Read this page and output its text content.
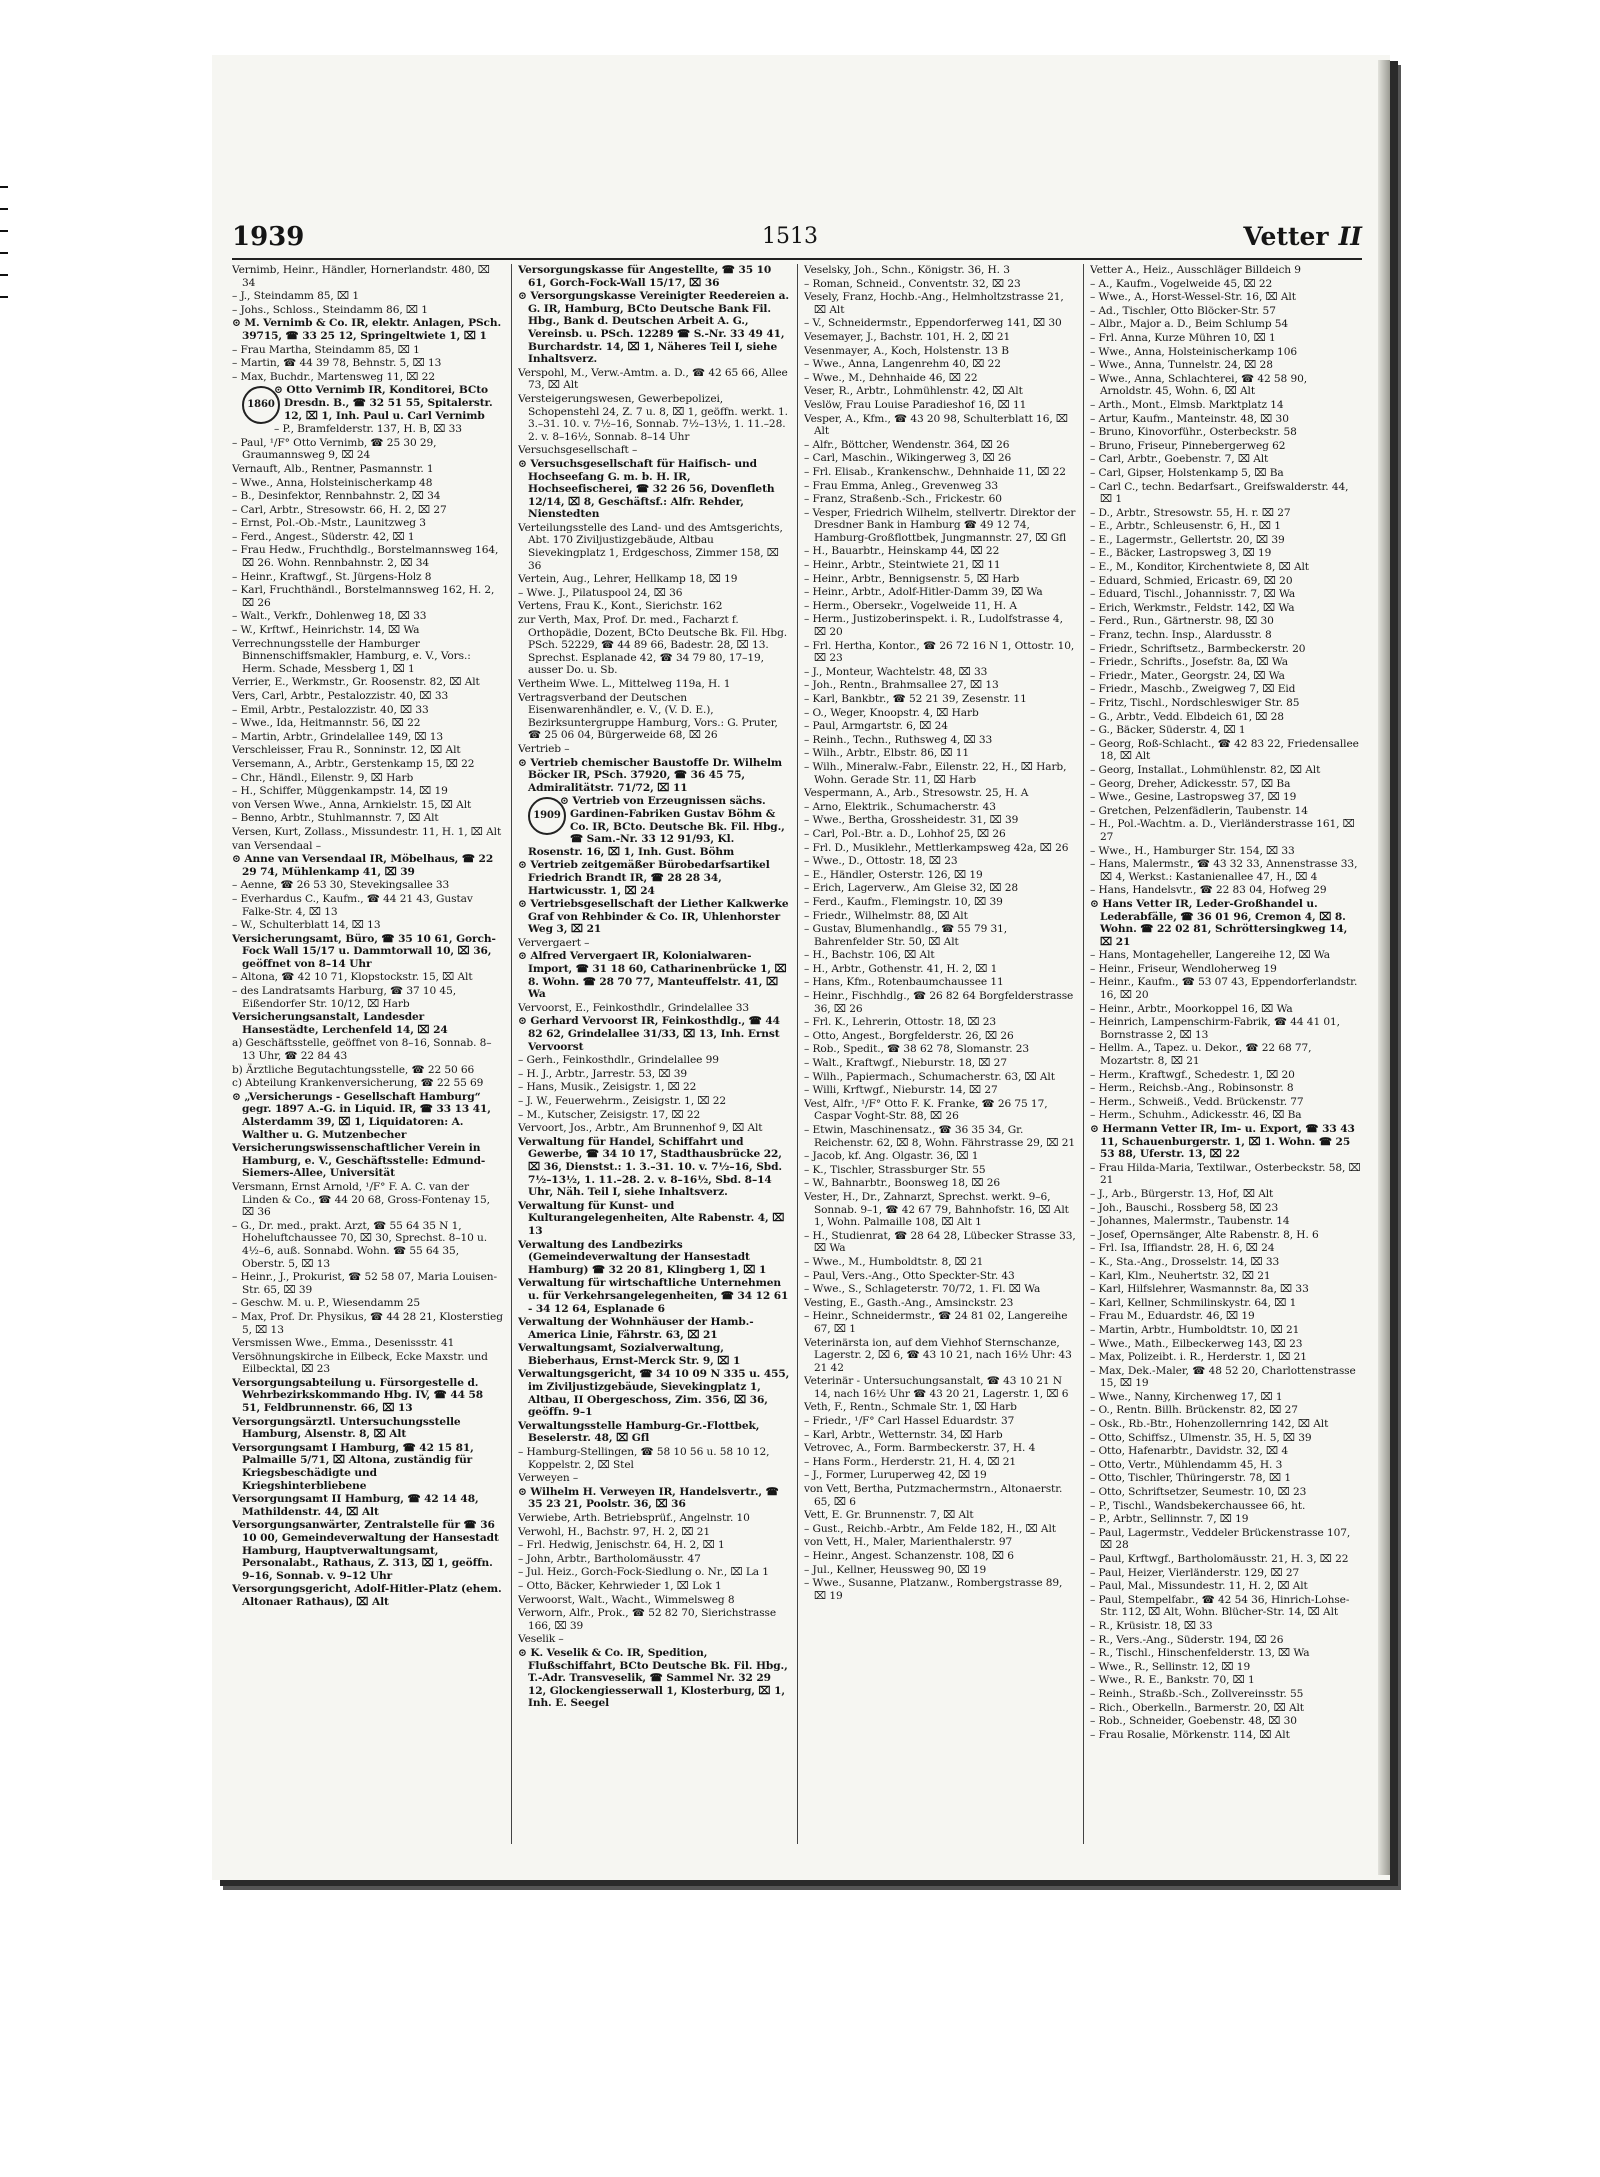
1939	1513	Vetter II
Vernimb, Heinr., Händler, Hornerlandstr. 480, ⌧ 34
– J., Steindamm 85, ⌧ 1
– Johs., Schloss., Steindamm 86, ⌧ 1
⊙ M. Vernimb & Co. IR, elektr. Anlagen, PSch. 39715, ☎ 33 25 12, Springeltwiete 1, ⌧ 1
– Frau Martha, Steindamm 85, ⌧ 1
– Martin, ☎ 44 39 78, Behnstr. 5, ⌧ 13
– Max, Buchdr., Martensweg 11, ⌧ 22
1860
⊙ Otto Vernimb IR, Konditorei, BCto Dresdn. B., ☎ 32 51 55, Spitalerstr. 12, ⌧ 1, Inh. Paul u. Carl Vernimb
– P., Bramfelderstr. 137, H. B, ⌧ 33
– Paul, ¹/F° Otto Vernimb, ☎ 25 30 29, Graumannsweg 9, ⌧ 24
Vernauft, Alb., Rentner, Pasmannstr. 1
– Wwe., Anna, Holsteinischerkamp 48
– B., Desinfektor, Rennbahnstr. 2, ⌧ 34
– Carl, Arbtr., Stresowstr. 66, H. 2, ⌧ 27
– Ernst, Pol.-Ob.-Mstr., Launitzweg 3
– Ferd., Angest., Süderstr. 42, ⌧ 1
– Frau Hedw., Fruchthdlg., Borstelmannsweg 164, ⌧ 26. Wohn. Rennbahnstr. 2, ⌧ 34
– Heinr., Kraftwgf., St. Jürgens-Holz 8
– Karl, Fruchthändl., Borstelmannsweg 162, H. 2, ⌧ 26
– Walt., Verkfr., Dohlenweg 18, ⌧ 33
– W., Krftwf., Heinrichstr. 14, ⌧ Wa
Verrechnungsstelle der Hamburger Binnenschiffsmakler, Hamburg, e. V., Vors.: Herm. Schade, Messberg 1, ⌧ 1
Verrier, E., Werkmstr., Gr. Roosenstr. 82, ⌧ Alt
Vers, Carl, Arbtr., Pestalozzistr. 40, ⌧ 33
– Emil, Arbtr., Pestalozzistr. 40, ⌧ 33
– Wwe., Ida, Heitmannstr. 56, ⌧ 22
– Martin, Arbtr., Grindelallee 149, ⌧ 13
Verschleisser, Frau R., Sonninstr. 12, ⌧ Alt
Versemann, A., Arbtr., Gerstenkamp 15, ⌧ 22
– Chr., Händl., Eilenstr. 9, ⌧ Harb
– H., Schiffer, Müggenkampstr. 14, ⌧ 19
von Versen Wwe., Anna, Arnkielstr. 15, ⌧ Alt
– Benno, Arbtr., Stuhlmannstr. 7, ⌧ Alt
Versen, Kurt, Zollass., Missundestr. 11, H. 1, ⌧ Alt
van Versendaal –
⊙ Anne van Versendaal IR, Möbelhaus, ☎ 22 29 74, Mühlenkamp 41, ⌧ 39
– Aenne, ☎ 26 53 30, Stevekingsallee 33
– Everhardus C., Kaufm., ☎ 44 21 43, Gustav Falke-Str. 4, ⌧ 13
– W., Schulterblatt 14, ⌧ 13
Versicherungsamt, Büro, ☎ 35 10 61, Gorch-Fock Wall 15/17 u. Dammtorwall 10, ⌧ 36, geöffnet von 8–14 Uhr
– Altona, ☎ 42 10 71, Klopstockstr. 15, ⌧ Alt
– des Landratsamts Harburg, ☎ 37 10 45, Eißendorfer Str. 10/12, ⌧ Harb
Versicherungsanstalt, Landesder Hansestädte, Lerchenfeld 14, ⌧ 24
a) Geschäftsstelle, geöffnet von 8–16, Sonnab. 8–13 Uhr, ☎ 22 84 43
b) Ärztliche Begutachtungsstelle, ☎ 22 50 66
c) Abteilung Krankenversicherung, ☎ 22 55 69
⊙ „Versicherungs - Gesellschaft Hamburg“ gegr. 1897 A.-G. in Liquid. IR, ☎ 33 13 41, Alsterdamm 39, ⌧ 1, Liquidatoren: A. Walther u. G. Mutzenbecher
Versicherungswissenschaftlicher Verein in Hamburg, e. V., Geschäftsstelle: Edmund-Siemers-Allee, Universität
Versmann, Ernst Arnold, ¹/F° F. A. C. van der Linden & Co., ☎ 44 20 68, Gross-Fontenay 15, ⌧ 36
– G., Dr. med., prakt. Arzt, ☎ 55 64 35 N 1, Hoheluftchaussee 70, ⌧ 30, Sprechst. 8–10 u. 4½–6, auß. Sonnabd. Wohn. ☎ 55 64 35, Oberstr. 5, ⌧ 13
– Heinr., J., Prokurist, ☎ 52 58 07, Maria Louisen-Str. 65, ⌧ 39
– Geschw. M. u. P., Wiesendamm 25
– Max, Prof. Dr. Physikus, ☎ 44 28 21, Klosterstieg 5, ⌧ 13
Versmissen Wwe., Emma., Desenissstr. 41
Versöhnungskirche in Eilbeck, Ecke Maxstr. und Eilbecktal, ⌧ 23
Versorgungsabteilung u. Fürsorgestelle d. Wehrbezirkskommando Hbg. IV, ☎ 44 58 51, Feldbrunnenstr. 66, ⌧ 13
Versorgungsärztl. Untersuchungsstelle Hamburg, Alsenstr. 8, ⌧ Alt
Versorgungsamt I Hamburg, ☎ 42 15 81, Palmaille 5/71, ⌧ Altona, zuständig für Kriegsbeschädigte und Kriegshinterbliebene
Versorgungsamt II Hamburg, ☎ 42 14 48, Mathildenstr. 44, ⌧ Alt
Versorgungsanwärter, Zentralstelle für ☎ 36 10 00, Gemeindeverwaltung der Hansestadt Hamburg, Hauptverwaltungsamt, Personalabt., Rathaus, Z. 313, ⌧ 1, geöffn. 9–16, Sonnab. v. 9–12 Uhr
Versorgungsgericht, Adolf-Hitler-Platz (ehem. Altonaer Rathaus), ⌧ Alt
Versorgungskasse für Angestellte, ☎ 35 10 61, Gorch-Fock-Wall 15/17, ⌧ 36
⊙ Versorgungskasse Vereinigter Reedereien a. G. IR, Hamburg, BCto Deutsche Bank Fil. Hbg., Bank d. Deutschen Arbeit A. G., Vereinsb. u. PSch. 12289 ☎ S.-Nr. 33 49 41, Burchardstr. 14, ⌧ 1, Näheres Teil I, siehe Inhaltsverz.
Verspohl, M., Verw.-Amtm. a. D., ☎ 42 65 66, Allee 73, ⌧ Alt
Versteigerungswesen, Gewerbepolizei, Schopenstehl 24, Z. 7 u. 8, ⌧ 1, geöffn. werkt. 1. 3.–31. 10. v. 7½–16, Sonnab. 7½–13½, 1. 11.–28. 2. v. 8–16½, Sonnab. 8–14 Uhr
Versuchsgesellschaft –
⊙ Versuchsgesellschaft für Haifisch- und Hochseefang G. m. b. H. IR, Hochseefischerei, ☎ 32 26 56, Dovenfleth 12/14, ⌧ 8, Geschäftsf.: Alfr. Rehder, Nienstedten
Verteilungsstelle des Land- und des Amtsgerichts, Abt. 170 Ziviljustizgebäude, Altbau Sievekingplatz 1, Erdgeschoss, Zimmer 158, ⌧ 36
Vertein, Aug., Lehrer, Hellkamp 18, ⌧ 19
– Wwe. J., Pilatuspool 24, ⌧ 36
Vertens, Frau K., Kont., Sierichstr. 162
zur Verth, Max, Prof. Dr. med., Facharzt f. Orthopädie, Dozent, BCto Deutsche Bk. Fil. Hbg. PSch. 52229, ☎ 44 89 66, Badestr. 28, ⌧ 13. Sprechst. Esplanade 42, ☎ 34 79 80, 17–19, ausser Do. u. Sb.
Vertheim Wwe. L., Mittelweg 119a, H. 1
Vertragsverband der Deutschen Eisenwarenhändler, e. V., (V. D. E.), Bezirksuntergruppe Hamburg, Vors.: G. Pruter, ☎ 25 06 04, Bürgerweide 68, ⌧ 26
Vertrieb –
⊙ Vertrieb chemischer Baustoffe Dr. Wilhelm Böcker IR, PSch. 37920, ☎ 36 45 75, Admiralitätstr. 71/72, ⌧ 11
1909
⊙ Vertrieb von Erzeugnissen sächs. Gardinen-Fabriken Gustav Böhm & Co. IR, BCto. Deutsche Bk. Fil. Hbg., ☎ Sam.-Nr. 33 12 91/93, Kl. Rosenstr. 16, ⌧ 1, Inh. Gust. Böhm
⊙ Vertrieb zeitgemäßer Bürobedarfsartikel Friedrich Brandt IR, ☎ 28 28 34, Hartwicusstr. 1, ⌧ 24
⊙ Vertriebsgesellschaft der Liether Kalkwerke Graf von Rehbinder & Co. IR, Uhlenhorster Weg 3, ⌧ 21
Ververgaert –
⊙ Alfred Ververgaert IR, Kolonialwaren-Import, ☎ 31 18 60, Catharinenbrücke 1, ⌧ 8. Wohn. ☎ 28 70 77, Manteuffelstr. 41, ⌧ Wa
Vervoorst, E., Feinkosthdlr., Grindelallee 33
⊙ Gerhard Vervoorst IR, Feinkosthdlg., ☎ 44 82 62, Grindelallee 31/33, ⌧ 13, Inh. Ernst Vervoorst
– Gerh., Feinkosthdlr., Grindelallee 99
– H. J., Arbtr., Jarrestr. 53, ⌧ 39
– Hans, Musik., Zeisigstr. 1, ⌧ 22
– J. W., Feuerwehrm., Zeisigstr. 1, ⌧ 22
– M., Kutscher, Zeisigstr. 17, ⌧ 22
Vervoort, Jos., Arbtr., Am Brunnenhof 9, ⌧ Alt
Verwaltung für Handel, Schiffahrt und Gewerbe, ☎ 34 10 17, Stadthausbrücke 22, ⌧ 36, Dienstst.: 1. 3.–31. 10. v. 7½–16, Sbd. 7½–13½, 1. 11.–28. 2. v. 8–16½, Sbd. 8–14 Uhr, Näh. Teil I, siehe Inhaltsverz.
Verwaltung für Kunst- und Kulturangelegenheiten, Alte Rabenstr. 4, ⌧ 13
Verwaltung des Landbezirks (Gemeindeverwaltung der Hansestadt Hamburg) ☎ 32 20 81, Klingberg 1, ⌧ 1
Verwaltung für wirtschaftliche Unternehmen u. für Verkehrsangelegenheiten, ☎ 34 12 61 - 34 12 64, Esplanade 6
Verwaltung der Wohnhäuser der Hamb.-America Linie, Fährstr. 63, ⌧ 21
Verwaltungsamt, Sozialverwaltung, Bieberhaus, Ernst-Merck Str. 9, ⌧ 1
Verwaltungsgericht, ☎ 34 10 09 N 335 u. 455, im Ziviljustizgebäude, Sievekingplatz 1, Altbau, II Obergeschoss, Zim. 356, ⌧ 36, geöffn. 9–1
Verwaltungsstelle Hamburg-Gr.-Flottbek, Beselerstr. 48, ⌧ Gfl
– Hamburg-Stellingen, ☎ 58 10 56 u. 58 10 12, Koppelstr. 2, ⌧ Stel
Verweyen –
⊙ Wilhelm H. Verweyen IR, Handelsvertr., ☎ 35 23 21, Poolstr. 36, ⌧ 36
Verwiebe, Arth. Betriebsprüf., Angelnstr. 10
Verwohl, H., Bachstr. 97, H. 2, ⌧ 21
– Frl. Hedwig, Jenischstr. 64, H. 2, ⌧ 1
– John, Arbtr., Bartholomäusstr. 47
– Jul. Heiz., Gorch-Fock-Siedlung o. Nr., ⌧ La 1
– Otto, Bäcker, Kehrwieder 1, ⌧ Lok 1
Verwoorst, Walt., Wacht., Wimmelsweg 8
Verworn, Alfr., Prok., ☎ 52 82 70, Sierichstrasse 166, ⌧ 39
Veselik –
⊙ K. Veselik & Co. IR, Spedition, Flußschiffahrt, BCto Deutsche Bk. Fil. Hbg., T.-Adr. Transveselik, ☎ Sammel Nr. 32 29 12, Glockengiesserwall 1, Klosterburg, ⌧ 1, Inh. E. Seegel
Veselsky, Joh., Schn., Königstr. 36, H. 3
– Roman, Schneid., Conventstr. 32, ⌧ 23
Vesely, Franz, Hochb.-Ang., Helmholtzstrasse 21, ⌧ Alt
– V., Schneidermstr., Eppendorferweg 141, ⌧ 30
Vesemayer, J., Bachstr. 101, H. 2, ⌧ 21
Vesenmayer, A., Koch, Holstenstr. 13 B
– Wwe., Anna, Langenrehm 40, ⌧ 22
– Wwe., M., Dehnhaide 46, ⌧ 22
Veser, R., Arbtr., Lohmühlenstr. 42, ⌧ Alt
Veslöw, Frau Louise Paradieshof 16, ⌧ 11
Vesper, A., Kfm., ☎ 43 20 98, Schulterblatt 16, ⌧ Alt
– Alfr., Böttcher, Wendenstr. 364, ⌧ 26
– Carl, Maschin., Wikingerweg 3, ⌧ 26
– Frl. Elisab., Krankenschw., Dehnhaide 11, ⌧ 22
– Frau Emma, Anleg., Grevenweg 33
– Franz, Straßenb.-Sch., Frickestr. 60
– Vesper, Friedrich Wilhelm, stellvertr. Direktor der Dresdner Bank in Hamburg ☎ 49 12 74, Hamburg-Großflottbek, Jungmannstr. 27, ⌧ Gfl
– H., Bauarbtr., Heinskamp 44, ⌧ 22
– Heinr., Arbtr., Steintwiete 21, ⌧ 11
– Heinr., Arbtr., Bennigsenstr. 5, ⌧ Harb
– Heinr., Arbtr., Adolf-Hitler-Damm 39, ⌧ Wa
– Herm., Obersekr., Vogelweide 11, H. A
– Herm., Justizoberinspekt. i. R., Ludolfstrasse 4, ⌧ 20
– Frl. Hertha, Kontor., ☎ 26 72 16 N 1, Ottostr. 10, ⌧ 23
– J., Monteur, Wachtelstr. 48, ⌧ 33
– Joh., Rentn., Brahmsallee 27, ⌧ 13
– Karl, Bankbtr., ☎ 52 21 39, Zesenstr. 11
– O., Weger, Knoopstr. 4, ⌧ Harb
– Paul, Armgartstr. 6, ⌧ 24
– Reinh., Techn., Ruthsweg 4, ⌧ 33
– Wilh., Arbtr., Elbstr. 86, ⌧ 11
– Wilh., Mineralw.-Fabr., Eilenstr. 22, H., ⌧ Harb, Wohn. Gerade Str. 11, ⌧ Harb
Vespermann, A., Arb., Stresowstr. 25, H. A
– Arno, Elektrik., Schumacherstr. 43
– Wwe., Bertha, Grossheidestr. 31, ⌧ 39
– Carl, Pol.-Btr. a. D., Lohhof 25, ⌧ 26
– Frl. D., Musiklehr., Mettlerkampsweg 42a, ⌧ 26
– Wwe., D., Ottostr. 18, ⌧ 23
– E., Händler, Osterstr. 126, ⌧ 19
– Erich, Lagerverw., Am Gleise 32, ⌧ 28
– Ferd., Kaufm., Flemingstr. 10, ⌧ 39
– Friedr., Wilhelmstr. 88, ⌧ Alt
– Gustav, Blumenhandlg., ☎ 55 79 31, Bahrenfelder Str. 50, ⌧ Alt
– H., Bachstr. 106, ⌧ Alt
– H., Arbtr., Gothenstr. 41, H. 2, ⌧ 1
– Hans, Kfm., Rotenbaumchaussee 11
– Heinr., Fischhdlg., ☎ 26 82 64 Borgfelderstrasse 36, ⌧ 26
– Frl. K., Lehrerin, Ottostr. 18, ⌧ 23
– Otto, Angest., Borgfelderstr. 26, ⌧ 26
– Rob., Spedit., ☎ 38 62 78, Slomanstr. 23
– Walt., Kraftwgf., Nieburstr. 18, ⌧ 27
– Wilh., Papiermach., Schumacherstr. 63, ⌧ Alt
– Willi, Krftwgf., Nieburstr. 14, ⌧ 27
Vest, Alfr., ¹/F° Otto F. K. Franke, ☎ 26 75 17, Caspar Voght-Str. 88, ⌧ 26
– Etwin, Maschinensatz., ☎ 36 35 34, Gr. Reichenstr. 62, ⌧ 8, Wohn. Fährstrasse 29, ⌧ 21
– Jacob, kf. Ang. Olgastr. 36, ⌧ 1
– K., Tischler, Strassburger Str. 55
– W., Bahnarbtr., Boonsweg 18, ⌧ 26
Vester, H., Dr., Zahnarzt, Sprechst. werkt. 9–6, Sonnab. 9–1, ☎ 42 67 79, Bahnhofstr. 16, ⌧ Alt 1, Wohn. Palmaille 108, ⌧ Alt 1
– H., Studienrat, ☎ 28 64 28, Lübecker Strasse 33, ⌧ Wa
– Wwe., M., Humboldtstr. 8, ⌧ 21
– Paul, Vers.-Ang., Otto Speckter-Str. 43
– Wwe., S., Schlageterstr. 70/72, 1. Fl. ⌧ Wa
Vesting, E., Gasth.-Ang., Amsinckstr. 23
– Heinr., Schneidermstr., ☎ 24 81 02, Langereihe 67, ⌧ 1
Veterinärsta ion, auf dem Viehhof Sternschanze, Lagerstr. 2, ⌧ 6, ☎ 43 10 21, nach 16½ Uhr: 43 21 42
Veterinär - Untersuchungsanstalt, ☎ 43 10 21 N 14, nach 16½ Uhr ☎ 43 20 21, Lagerstr. 1, ⌧ 6
Veth, F., Rentn., Schmale Str. 1, ⌧ Harb
– Friedr., ¹/F° Carl Hassel Eduardstr. 37
– Karl, Arbtr., Wetternstr. 34, ⌧ Harb
Vetrovec, A., Form. Barmbeckerstr. 37, H. 4
– Hans Form., Herderstr. 21, H. 4, ⌧ 21
– J., Former, Luruperweg 42, ⌧ 19
von Vett, Bertha, Putzmachermstrn., Altonaerstr. 65, ⌧ 6
Vett, E. Gr. Brunnenstr. 7, ⌧ Alt
– Gust., Reichb.-Arbtr., Am Felde 182, H., ⌧ Alt
von Vett, H., Maler, Marienthalerstr. 97
– Heinr., Angest. Schanzenstr. 108, ⌧ 6
– Jul., Kellner, Heussweg 90, ⌧ 19
– Wwe., Susanne, Platzanw., Rombergstrasse 89, ⌧ 19
Vetter A., Heiz., Ausschläger Billdeich 9
– A., Kaufm., Vogelweide 45, ⌧ 22
– Wwe., A., Horst-Wessel-Str. 16, ⌧ Alt
– Ad., Tischler, Otto Blöcker-Str. 57
– Albr., Major a. D., Beim Schlump 54
– Frl. Anna, Kurze Mühren 10, ⌧ 1
– Wwe., Anna, Holsteinischerkamp 106
– Wwe., Anna, Tunnelstr. 24, ⌧ 28
– Wwe., Anna, Schlachterei, ☎ 42 58 90, Arnoldstr. 45, Wohn. 6, ⌧ Alt
– Arth., Mont., Elmsb. Marktplatz 14
– Artur, Kaufm., Manteinstr. 48, ⌧ 30
– Bruno, Kinovorführ., Osterbeckstr. 58
– Bruno, Friseur, Pinnebergerweg 62
– Carl, Arbtr., Goebenstr. 7, ⌧ Alt
– Carl, Gipser, Holstenkamp 5, ⌧ Ba
– Carl C., techn. Bedarfsart., Greifswalderstr. 44, ⌧ 1
– D., Arbtr., Stresowstr. 55, H. r. ⌧ 27
– E., Arbtr., Schleusenstr. 6, H., ⌧ 1
– E., Lagermstr., Gellertstr. 20, ⌧ 39
– E., Bäcker, Lastropsweg 3, ⌧ 19
– E., M., Konditor, Kirchentwiete 8, ⌧ Alt
– Eduard, Schmied, Ericastr. 69, ⌧ 20
– Eduard, Tischl., Johannisstr. 7, ⌧ Wa
– Erich, Werkmstr., Feldstr. 142, ⌧ Wa
– Ferd., Run., Gärtnerstr. 98, ⌧ 30
– Franz, techn. Insp., Alardusstr. 8
– Friedr., Schriftsetz., Barmbeckerstr. 20
– Friedr., Schrifts., Josefstr. 8a, ⌧ Wa
– Friedr., Mater., Georgstr. 24, ⌧ Wa
– Friedr., Maschb., Zweigweg 7, ⌧ Eid
– Fritz, Tischl., Nordschleswiger Str. 85
– G., Arbtr., Vedd. Elbdeich 61, ⌧ 28
– G., Bäcker, Süderstr. 4, ⌧ 1
– Georg, Roß-Schlacht., ☎ 42 83 22, Friedensallee 18, ⌧ Alt
– Georg, Installat., Lohmühlenstr. 82, ⌧ Alt
– Georg, Dreher, Adickesstr. 57, ⌧ Ba
– Wwe., Gesine, Lastropsweg 37, ⌧ 19
– Gretchen, Pelzenfädlerin, Taubenstr. 14
– H., Pol.-Wachtm. a. D., Vierländerstrasse 161, ⌧ 27
– Wwe., H., Hamburger Str. 154, ⌧ 33
– Hans, Malermstr., ☎ 43 32 33, Annenstrasse 33, ⌧ 4, Werkst.: Kastanienallee 47, H., ⌧ 4
– Hans, Handelsvtr., ☎ 22 83 04, Hofweg 29
⊙ Hans Vetter IR, Leder-Großhandel u. Lederabfälle, ☎ 36 01 96, Cremon 4, ⌧ 8. Wohn. ☎ 22 02 81, Schröttersingkweg 14, ⌧ 21
– Hans, Montageheller, Langereihe 12, ⌧ Wa
– Heinr., Friseur, Wendloherweg 19
– Heinr., Kaufm., ☎ 53 07 43, Eppendorferlandstr. 16, ⌧ 20
– Heinr., Arbtr., Moorkoppel 16, ⌧ Wa
– Heinrich, Lampenschirm-Fabrik, ☎ 44 41 01, Bornstrasse 2, ⌧ 13
– Hellm. A., Tapez. u. Dekor., ☎ 22 68 77, Mozartstr. 8, ⌧ 21
– Herm., Kraftwgf., Schedestr. 1, ⌧ 20
– Herm., Reichsb.-Ang., Robinsonstr. 8
– Herm., Schweiß., Vedd. Brückenstr. 77
– Herm., Schuhm., Adickesstr. 46, ⌧ Ba
⊙ Hermann Vetter IR, Im- u. Export, ☎ 33 43 11, Schauenburgerstr. 1, ⌧ 1. Wohn. ☎ 25 53 88, Uferstr. 13, ⌧ 22
– Frau Hilda-Maria, Textilwar., Osterbeckstr. 58, ⌧ 21
– J., Arb., Bürgerstr. 13, Hof, ⌧ Alt
– Joh., Bauschi., Rossberg 58, ⌧ 23
– Johannes, Malermstr., Taubenstr. 14
– Josef, Opernsänger, Alte Rabenstr. 8, H. 6
– Frl. Isa, Iffiandstr. 28, H. 6, ⌧ 24
– K., Sta.-Ang., Drosselstr. 14, ⌧ 33
– Karl, Klm., Neuhertstr. 32, ⌧ 21
– Karl, Hilfslehrer, Wasmannstr. 8a, ⌧ 33
– Karl, Kellner, Schmilinskystr. 64, ⌧ 1
– Frau M., Eduardstr. 46, ⌧ 19
– Martin, Arbtr., Humboldtstr. 10, ⌧ 21
– Wwe., Math., Eilbeckerweg 143, ⌧ 23
– Max, Polizeibt. i. R., Herderstr. 1, ⌧ 21
– Max, Dek.-Maler, ☎ 48 52 20, Charlottenstrasse 15, ⌧ 19
– Wwe., Nanny, Kirchenweg 17, ⌧ 1
– O., Rentn. Billh. Brückenstr. 82, ⌧ 27
– Osk., Rb.-Btr., Hohenzollernring 142, ⌧ Alt
– Otto, Schiffsz., Ulmenstr. 35, H. 5, ⌧ 39
– Otto, Hafenarbtr., Davidstr. 32, ⌧ 4
– Otto, Vertr., Mühlendamm 45, H. 3
– Otto, Tischler, Thüringerstr. 78, ⌧ 1
– Otto, Schriftsetzer, Seumestr. 10, ⌧ 23
– P., Tischl., Wandsbekerchaussee 66, ht.
– P., Arbtr., Sellinnstr. 7, ⌧ 19
– Paul, Lagermstr., Veddeler Brückenstrasse 107, ⌧ 28
– Paul, Krftwgf., Bartholomäusstr. 21, H. 3, ⌧ 22
– Paul, Heizer, Vierländerstr. 129, ⌧ 27
– Paul, Mal., Missundestr. 11, H. 2, ⌧ Alt
– Paul, Stempelfabr., ☎ 42 54 36, Hinrich-Lohse-Str. 112, ⌧ Alt, Wohn. Blücher-Str. 14, ⌧ Alt
– R., Krüsistr. 18, ⌧ 33
– R., Vers.-Ang., Süderstr. 194, ⌧ 26
– R., Tischl., Hinschenfelderstr. 13, ⌧ Wa
– Wwe., R., Sellinstr. 12, ⌧ 19
– Wwe., R. E., Bankstr. 70, ⌧ 1
– Reinh., Straßb.-Sch., Zollvereinsstr. 55
– Rich., Oberkelln., Barmerstr. 20, ⌧ Alt
– Rob., Schneider, Goebenstr. 48, ⌧ 30
– Frau Rosalie, Mörkenstr. 114, ⌧ Alt
